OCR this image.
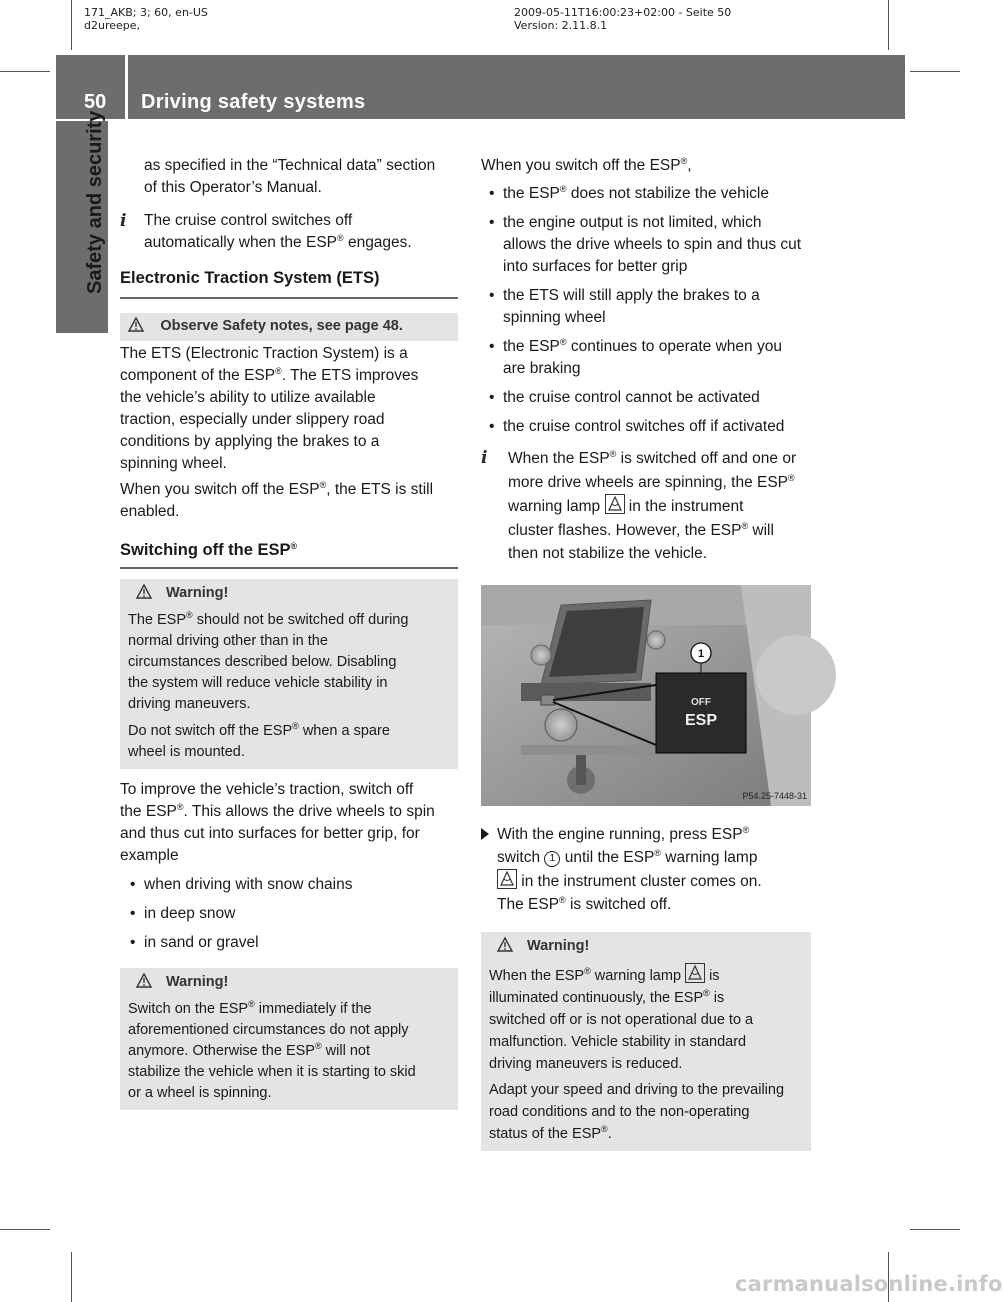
171_AKB; 3; 60, en-US
d2ureepe,
2009-05-11T16:00:23+02:00 - Seite 50
Version: 2.11.8.1
50 Driving safety systems
Safety and security	as specified in the “Technical data” section
of this Operator’s Manual.

i	The cruise control switches off
automatically when the ESP® engages.

Electronic Traction System (ETS)

Observe Safety notes, see page 48.

The ETS (Electronic Traction System) is a
component of the ESP®. The ETS improves
the vehicle’s ability to utilize available
traction, especially under slippery road
conditions by applying the brakes to a
spinning wheel.

When you switch off the ESP®, the ETS is still
enabled.

Switching off the ESP®

Warning!
The ESP® should not be switched off during
normal driving other than in the
circumstances described below. Disabling
the system will reduce vehicle stability in
driving maneuvers.
Do not switch off the ESP® when a spare
wheel is mounted.

To improve the vehicle’s traction, switch off
the ESP®. This allows the drive wheels to spin
and thus cut into surfaces for better grip, for
example

• when driving with snow chains
• in deep snow
• in sand or gravel
Warning!
Switch on the ESP® immediately if the
aforementioned circumstances do not apply
anymore. Otherwise the ESP® will not
stabilize the vehicle when it is starting to skid
or a wheel is spinning.

When you switch off the ESP®,

• the ESP® does not stabilize the vehicle
• the engine output is not limited, which
allows the drive wheels to spin and thus cut
into surfaces for better grip
• the ETS will still apply the brakes to a
spinning wheel
• the ESP® continues to operate when you
are braking
• the cruise control cannot be activated
• the cruise control switches off if activated
i	When the ESP® is switched off and one or
more drive wheels are spinning, the ESP®
warning lamp
in the instrument
cluster flashes. However, the ESP® will
then not stabilize the vehicle.
OFF
ESP
1
P54.25-7448-31
With the engine running, press ESP®
switch 1 until the ESP® warning lamp

in the instrument cluster comes on.
The ESP® is switched off.
Warning!
When the ESP® warning lamp
is
illuminated continuously, the ESP® is
switched off or is not operational due to a
malfunction. Vehicle stability in standard
driving maneuvers is reduced.
Adapt your speed and driving to the prevailing
road conditions and to the non-operating
status of the ESP®.
carmanualsonline.info
